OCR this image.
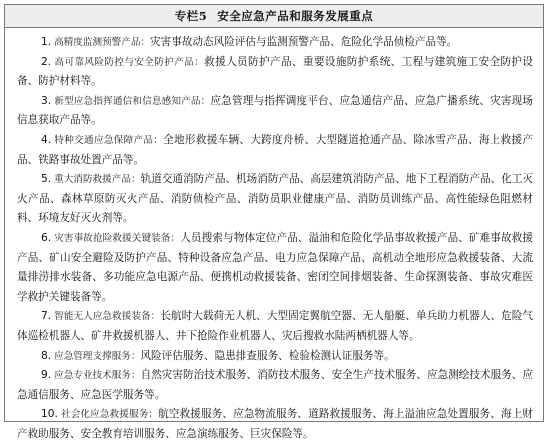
专栏5 安全应急产品和服务发展重点

1. 高精度监测预警产品：灾害事故动态风险评估与监测预警产品、危险化学品侦检产品等。

2. 高可靠风险防控与安全防护产品：救援人员防护产品、重要设施防护系统、工程与建筑施工安全防护设备、防护材料等。

3. 新型应急指挥通信和信息感知产品：应急管理与指挥调度平台、应急通信产品、应急广播系统、灾害现场信息获取产品等。

4. 特种交通应急保障产品：全地形救援车辆、大跨度舟桥、大型隧道抢通产品、除冰雪产品、海上救援产品、铁路事故处置产品等。

5. 重大消防救援产品：轨道交通消防产品、机场消防产品、高层建筑消防产品、地下工程消防产品、化工灭火产品、森林草原防灭火产品、消防侦检产品、消防员职业健康产品、消防员训练产品、高性能绿色阻燃材料、环境友好灭火剂等。

6. 灾害事故抢险救援关键装备：人员搜索与物体定位产品、溢油和危险化学品事故救援产品、矿难事故救援产品、矿山安全避险及防护产品、特种设备应急产品、电力应急保障产品、高机动全地形应急救援装备、大流量排涝排水装备、多功能应急电源产品、便携机动救援装备、密闭空间排烟装备、生命探测装备、事故灾难医学救护关键装备等。

7. 智能无人应急救援装备：长航时大载荷无人机、大型固定翼航空器、无人船艇、单兵助力机器人、危险气体巡检机器人、矿井救援机器人、井下抢险作业机器人、灾后搜救水陆两栖机器人等。

8. 应急管理支撑服务：风险评估服务、隐患排查服务、检验检测认证服务等。

9. 应急专业技术服务：自然灾害防治技术服务、消防技术服务、安全生产技术服务、应急测绘技术服务、应急通信服务、应急医学服务等。

10. 社会化应急救援服务：航空救援服务、应急物流服务、道路救援服务、海上溢油应急处置服务、海上财产救助服务、安全教育培训服务、应急演练服务、巨灾保险等。
